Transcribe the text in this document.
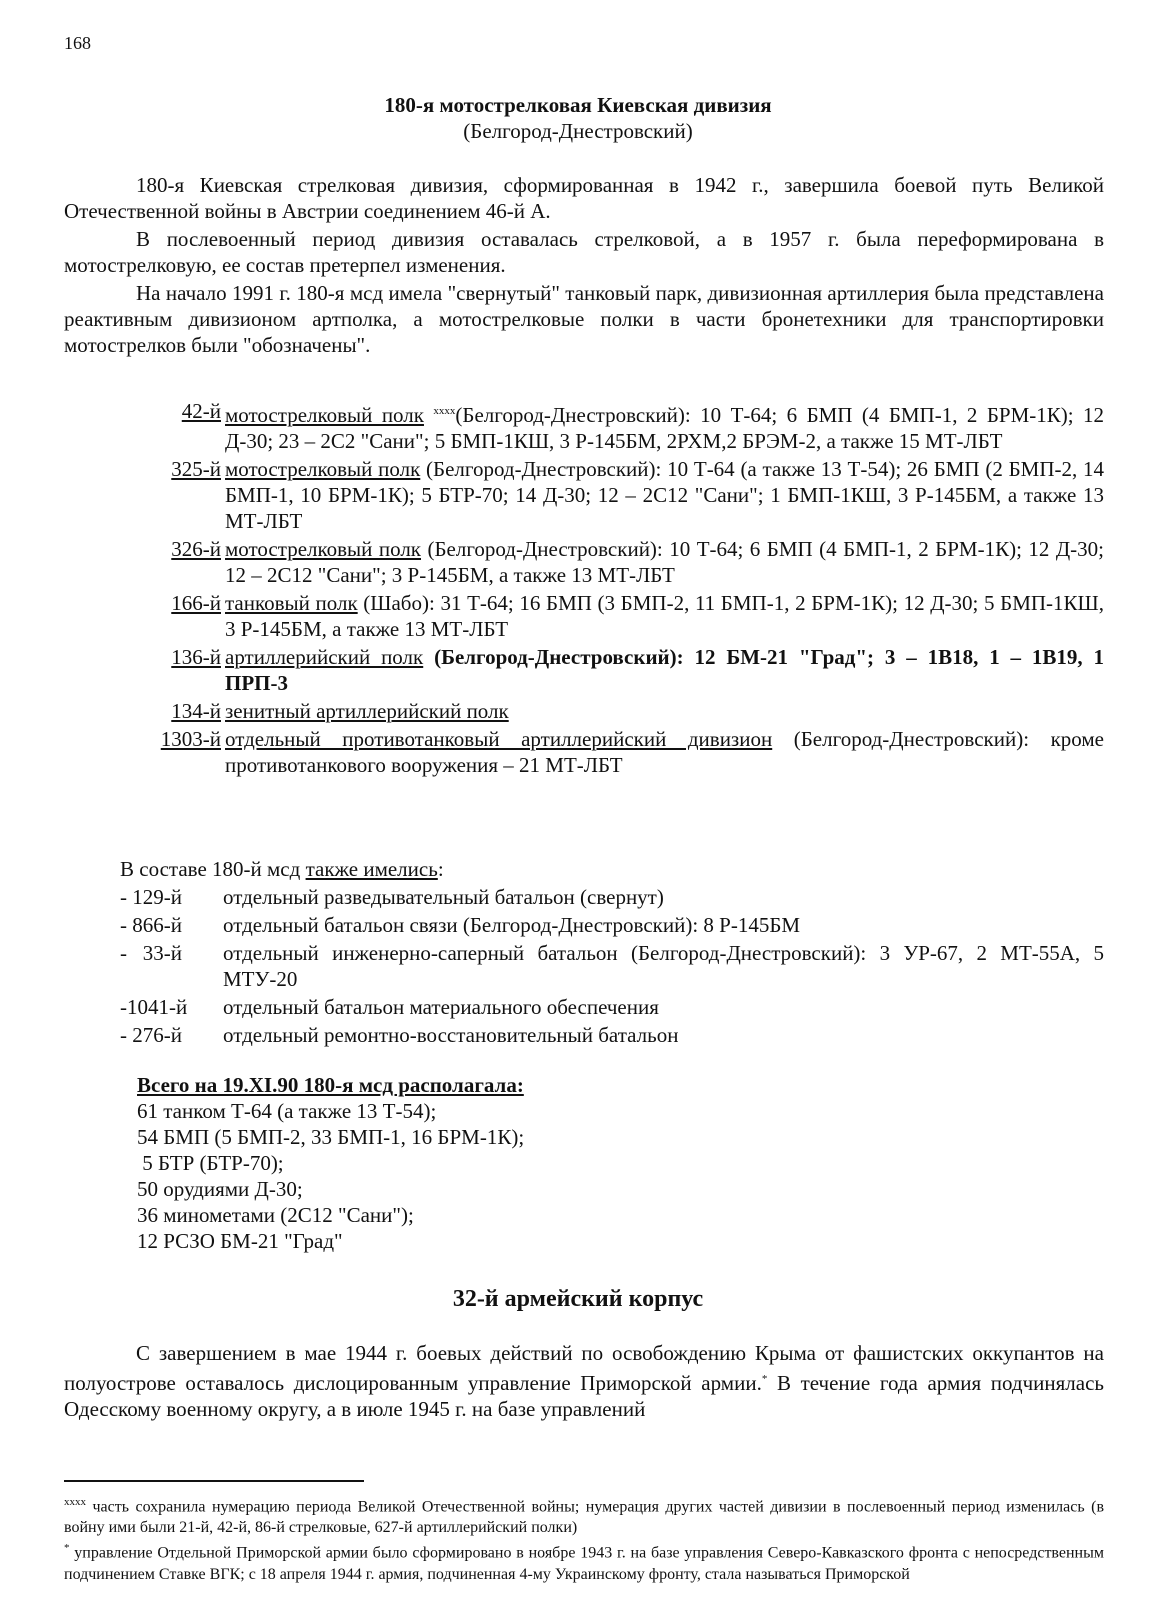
168
180-я мотострелковая Киевская дивизия
(Белгород-Днестровский)

180-я Киевская стрелковая дивизия, сформированная в 1942 г., завершила боевой путь Великой Отечественной войны в Австрии соединением 46-й А.

В послевоенный период дивизия оставалась стрелковой, а в 1957 г. была переформирована в мотострелковую, ее состав претерпел изменения.

На начало 1991 г. 180-я мсд имела "свернутый" танковый парк, дивизионная артиллерия была представлена реактивным дивизионом артполка, а мотострелковые полки в части бронетехники для транспортировки мотострелков были "обозначены".

42-й мотострелковый полк $^{xxxx}$(Белгород-Днестровский): 10 Т-64; 6 БМП (4 БМП-1, 2 БРМ-1К); 12 Д-30; 23 – 2С2 "Сани"; 5 БМП-1КШ, 3 Р-145БМ, 2РХМ,2 БРЭМ-2, а также 15 МТ-ЛБТ
325-й мотострелковый полк (Белгород-Днестровский): 10 Т-64 (а также 13 Т-54); 26 БМП (2 БМП-2, 14 БМП-1, 10 БРМ-1К); 5 БТР-70; 14 Д-30; 12 – 2С12 "Сани"; 1 БМП-1КШ, 3 Р-145БМ, а также 13 МТ-ЛБТ
326-й мотострелковый полк (Белгород-Днестровский): 10 Т-64; 6 БМП (4 БМП-1, 2 БРМ-1К); 12 Д-30; 12 – 2С12 "Сани"; 3 Р-145БМ, а также 13 МТ-ЛБТ
166-й танковый полк (Шабо): 31 Т-64; 16 БМП (3 БМП-2, 11 БМП-1, 2 БРМ-1К); 12 Д-30; 5 БМП-1КШ, 3 Р-145БМ, а также 13 МТ-ЛБТ
136-й артиллерийский полк (Белгород-Днестровский): 12 БМ-21 "Град"; 3 – 1В18, 1 – 1В19, 1 ПРП-3
134-й зенитный артиллерийский полк
1303-й отдельный противотанковый артиллерийский дивизион (Белгород-Днестровский): кроме противотанкового вооружения – 21 МТ-ЛБТ
В составе 180-й мсд также имелись:
- 129-й	отдельный разведывательный батальон (свернут)
- 866-й	отдельный батальон связи (Белгород-Днестровский): 8 Р-145БМ
-   33-й	отдельный инженерно-саперный батальон (Белгород-Днестровский): 3 УР-67, 2 МТ-55А, 5 МТУ-20
-1041-й	отдельный батальон материального обеспечения
- 276-й	отдельный ремонтно-восстановительный батальон
Всего на 19.XI.90 180-я мсд располагала:
61 танком Т-64 (а также 13 Т-54);
54 БМП (5 БМП-2, 33 БМП-1, 16 БРМ-1К);
5 БТР (БТР-70);
50 орудиями Д-30;
36 минометами (2С12 "Сани");
12 РСЗО БМ-21 "Град"
32-й армейский корпус

С завершением в мае 1944 г. боевых действий по освобождению Крыма от фашистских оккупантов на полуострове оставалось дислоцированным управление Приморской армии.* В течение года армия подчинялась Одесскому военному округу, а в июле 1945 г. на базе управлений

$^{xxxx}$ часть сохранила нумерацию периода Великой Отечественной войны; нумерация других частей дивизии в послевоенный период изменилась (в войну ими были 21-й, 42-й, 86-й стрелковые, 627-й артиллерийский полки)

* управление Отдельной Приморской армии было сформировано в ноябре 1943 г. на базе управления Северо-Кавказского фронта с непосредственным подчинением Ставке ВГК; с 18 апреля 1944 г. армия, подчиненная 4-му Украинскому фронту, стала называться Приморской
